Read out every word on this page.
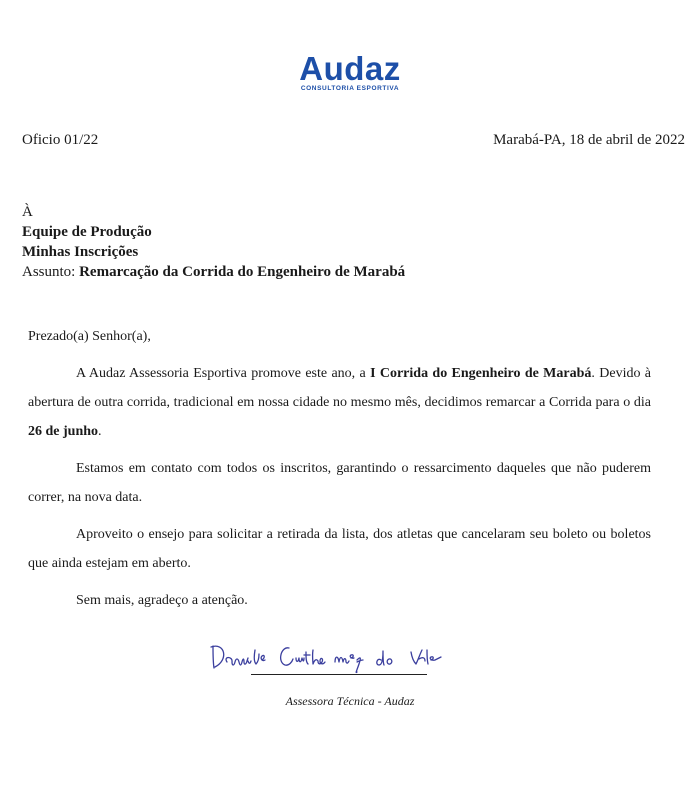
Audaz
CONSULTORIA ESPORTIVA
Oficio 01/22	Marabá-PA, 18 de abril de 2022
À
Equipe de Produção
Minhas Inscrições
Assunto: Remarcação da Corrida do Engenheiro de Marabá

Prezado(a) Senhor(a),

A Audaz Assessoria Esportiva promove este ano, a I Corrida do Engenheiro de Marabá. Devido à abertura de outra corrida, tradicional em nossa cidade no mesmo mês, decidimos remarcar a Corrida para o dia 26 de junho.

Estamos em contato com todos os inscritos, garantindo o ressarcimento daqueles que não puderem correr, na nova data.

Aproveito o ensejo para solicitar a retirada da lista, dos atletas que cancelaram seu boleto ou boletos que ainda estejam em aberto.

Sem mais, agradeço a atenção.

Assessora Técnica - Audaz
